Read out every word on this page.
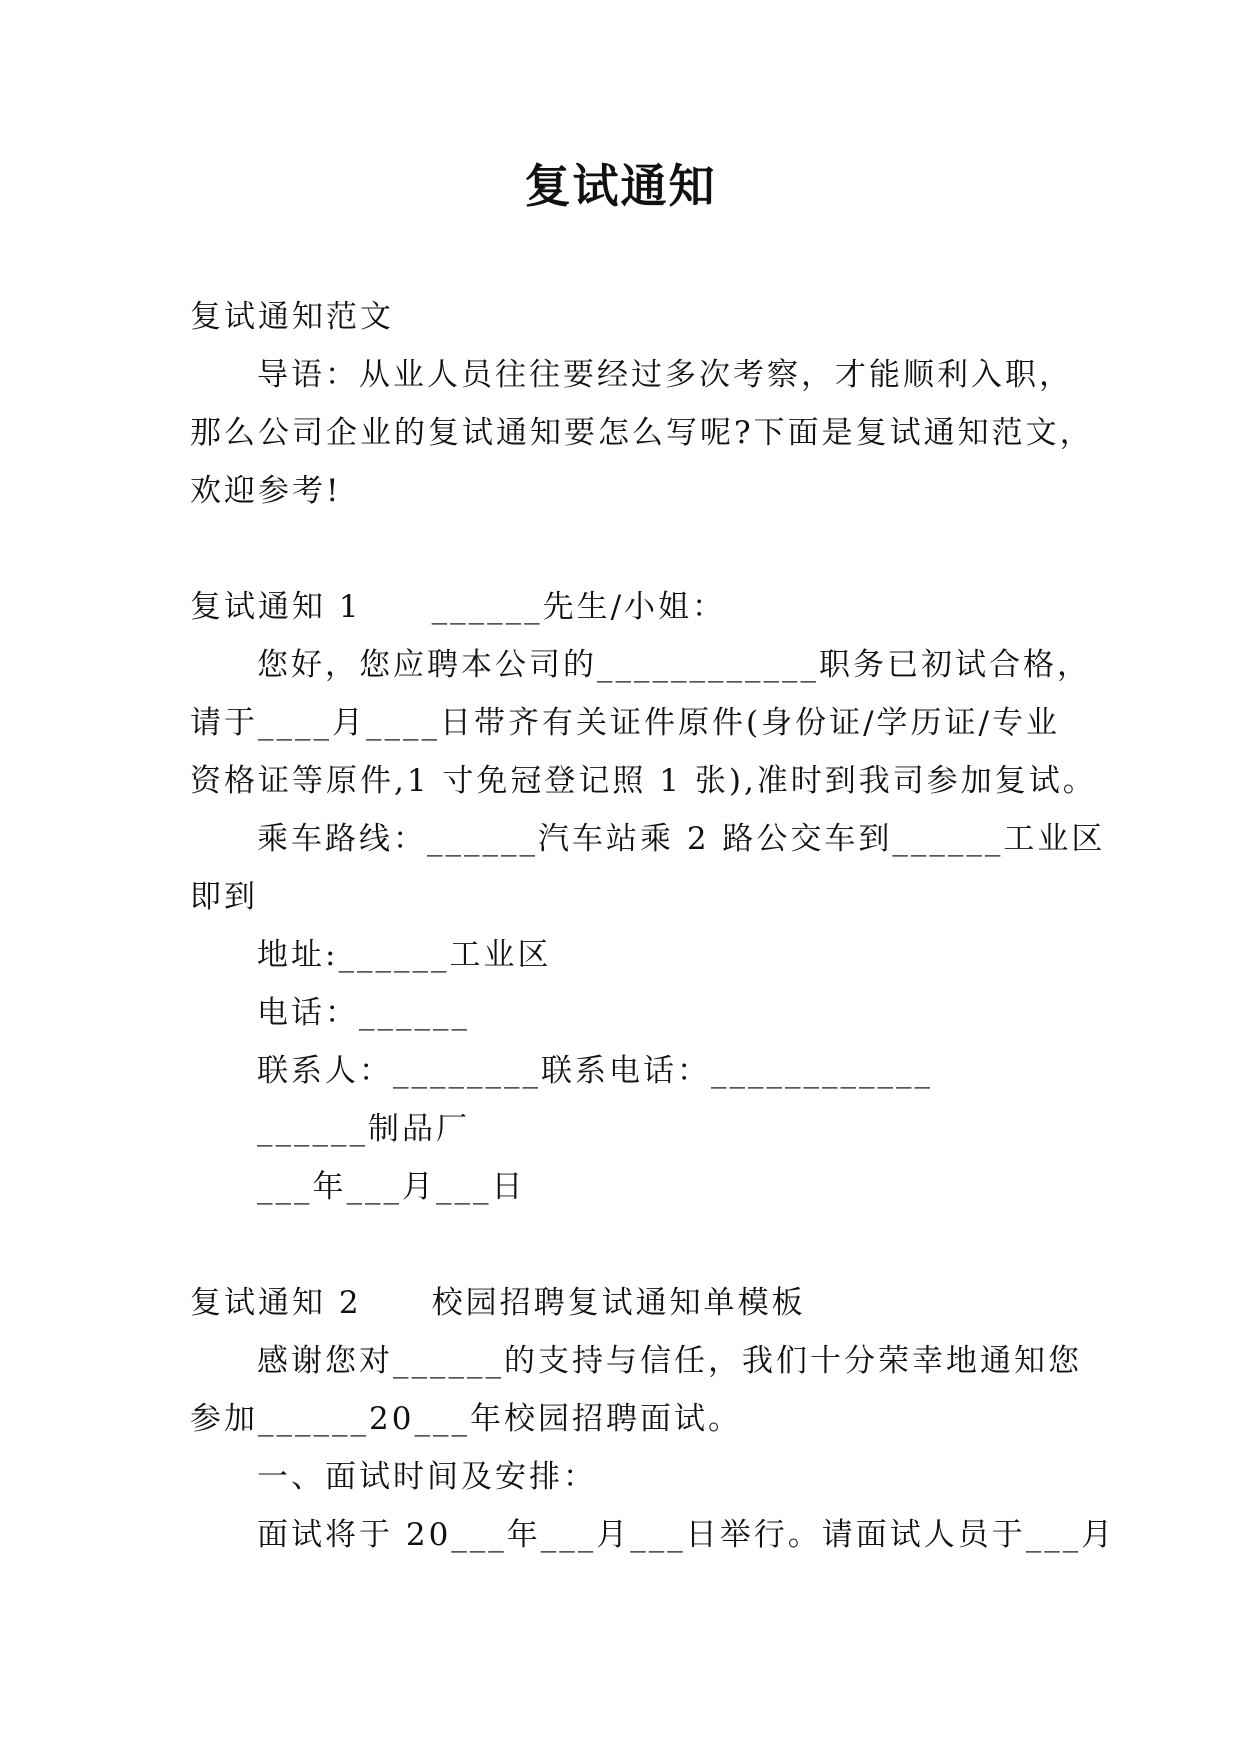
复试通知
复试通知范文
导语：从业人员往往要经过多次考察，才能顺利入职，
那么公司企业的复试通知要怎么写呢?下面是复试通知范文，
欢迎参考!
复试通知 1 ______先生/小姐：
您好，您应聘本公司的____________职务已初试合格，
请于____月____日带齐有关证件原件(身份证/学历证/专业
资格证等原件,1 寸免冠登记照 1 张),准时到我司参加复试。
乘车路线：______汽车站乘 2 路公交车到______工业区
即到
地址:______工业区
电话：______
联系人：________联系电话：____________
______制品厂
___年___月___日
复试通知 2 校园招聘复试通知单模板
感谢您对______的支持与信任，我们十分荣幸地通知您
参加______20___年校园招聘面试。
一、面试时间及安排：
面试将于 20___年___月___日举行。请面试人员于___月
